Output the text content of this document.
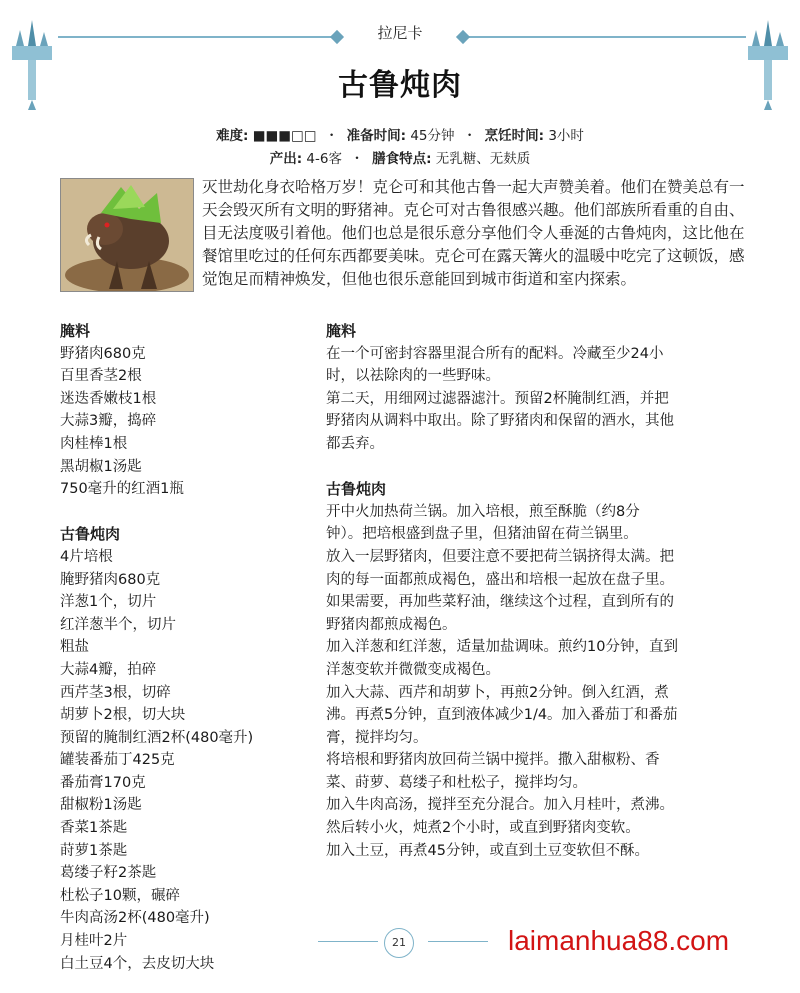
拉尼卡
古鲁炖肉
难度: ■■■□□ ・ 准备时间: 45分钟 ・ 烹饪时间: 3小时
产出: 4-6客 ・ 膳食特点: 无乳糖、无麸质
灭世劫化身衣哈格万岁！克仑可和其他古鲁一起大声赞美着。他们在赞美总有一天会毁灭所有文明的野猪神。克仑可对古鲁很感兴趣。他们部族所看重的自由、目无法度吸引着他。他们也总是很乐意分享他们令人垂涎的古鲁炖肉，这比他在餐馆里吃过的任何东西都要美味。克仑可在露天篝火的温暖中吃完了这顿饭，感觉饱足而精神焕发，但他也很乐意能回到城市街道和室内探索。
腌料
野猪肉680克
百里香茎2根
迷迭香嫩枝1根
大蒜3瓣，捣碎
肉桂棒1根
黑胡椒1汤匙
750毫升的红酒1瓶
古鲁炖肉
4片培根
腌野猪肉680克
洋葱1个，切片
红洋葱半个，切片
粗盐
大蒜4瓣，拍碎
西芹茎3根，切碎
胡萝卜2根，切大块
预留的腌制红酒2杯(480毫升)
罐装番茄丁425克
番茄膏170克
甜椒粉1汤匙
香菜1茶匙
莳萝1茶匙
葛缕子籽2茶匙
杜松子10颗，碾碎
牛肉高汤2杯(480毫升)
月桂叶2片
白土豆4个，去皮切大块
腌料
在一个可密封容器里混合所有的配料。冷藏至少24小
时，以祛除肉的一些野味。
第二天，用细网过滤器滤汁。预留2杯腌制红酒，并把
野猪肉从调料中取出。除了野猪肉和保留的酒水，其他
都丢弃。
古鲁炖肉
开中火加热荷兰锅。加入培根，煎至酥脆（约8分
钟）。把培根盛到盘子里，但猪油留在荷兰锅里。
放入一层野猪肉，但要注意不要把荷兰锅挤得太满。把
肉的每一面都煎成褐色，盛出和培根一起放在盘子里。
如果需要，再加些菜籽油，继续这个过程，直到所有的
野猪肉都煎成褐色。
加入洋葱和红洋葱，适量加盐调味。煎约10分钟，直到
洋葱变软并微微变成褐色。
加入大蒜、西芹和胡萝卜，再煎2分钟。倒入红酒，煮
沸。再煮5分钟，直到液体减少1/4。加入番茄丁和番茄
膏，搅拌均匀。
将培根和野猪肉放回荷兰锅中搅拌。撒入甜椒粉、香
菜、莳萝、葛缕子和杜松子，搅拌均匀。
加入牛肉高汤，搅拌至充分混合。加入月桂叶，煮沸。
然后转小火，炖煮2个小时，或直到野猪肉变软。
加入土豆，再煮45分钟，或直到土豆变软但不酥。
21	laimanhua88.com
